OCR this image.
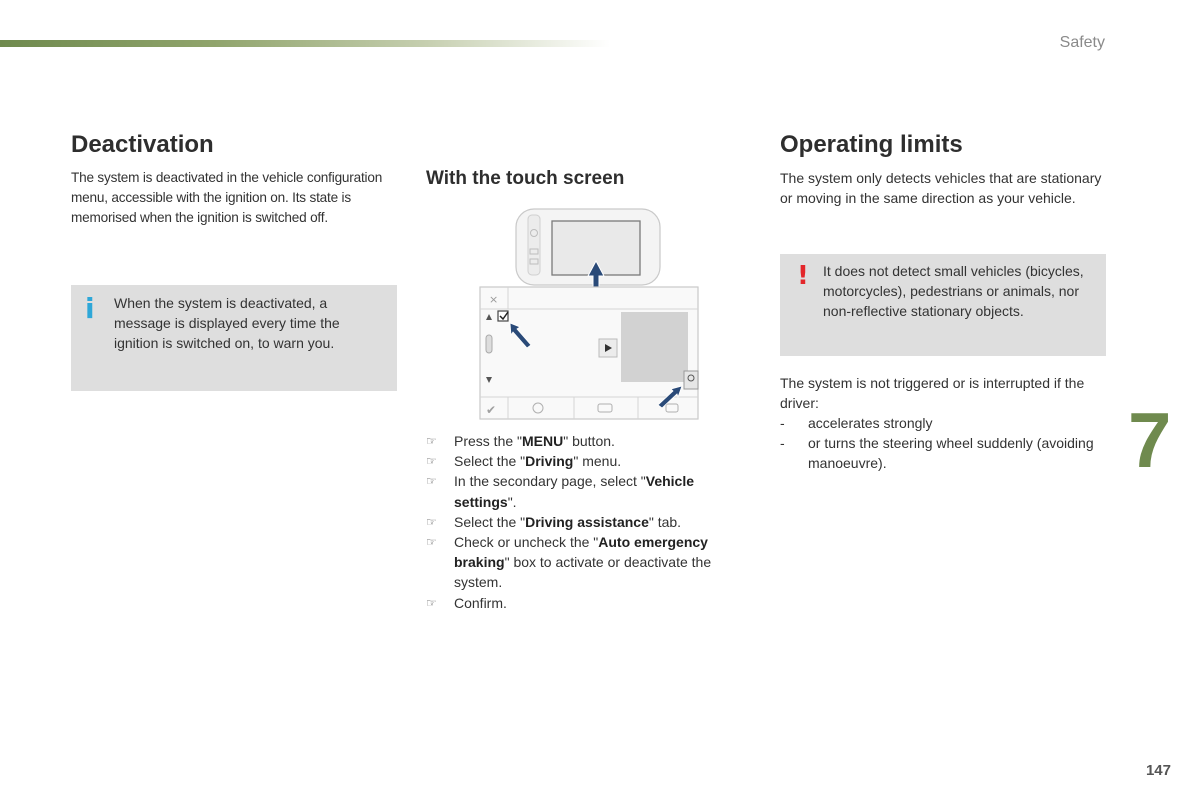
Safety
Deactivation

The system is deactivated in the vehicle configuration menu, accessible with the ignition on. Its state is memorised when the ignition is switched off.

i When the system is deactivated, a message is displayed every time the ignition is switched on, to warn you.

With the touch screen
☞ Press the "MENU" button.
☞ Select the "Driving" menu.
☞ In the secondary page, select "Vehicle settings".
☞ Select the "Driving assistance" tab.
☞ Check or uncheck the "Auto emergency braking" box to activate or deactivate the system.
☞ Confirm.
×
✔
Operating limits

The system only detects vehicles that are stationary or moving in the same direction as your vehicle.

The system is not triggered or is interrupted if the driver:

- accelerates strongly
- or turns the steering wheel suddenly (avoiding manoeuvre).
! It does not detect small vehicles (bicycles, motorcycles), pedestrians or animals, nor non-reflective stationary objects.

7
147
